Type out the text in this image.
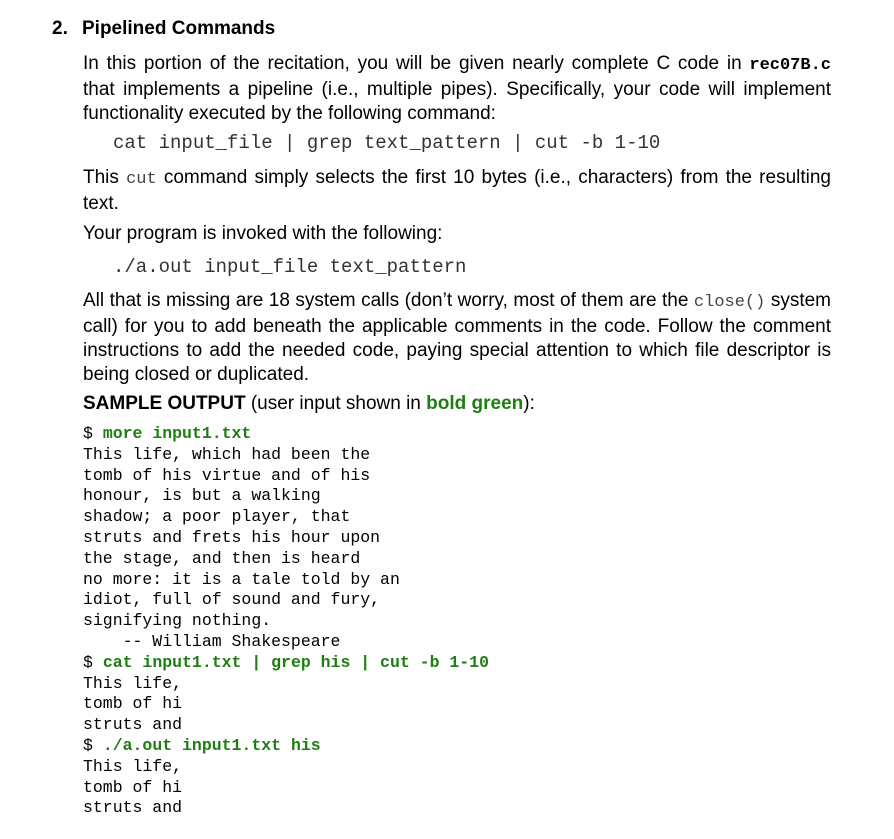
2. Pipelined Commands
In this portion of the recitation, you will be given nearly complete C code in rec07B.c that implements a pipeline (i.e., multiple pipes). Specifically, your code will implement functionality executed by the following command:
cat input_file | grep text_pattern | cut -b 1-10
This cut command simply selects the first 10 bytes (i.e., characters) from the resulting text.
Your program is invoked with the following:
./a.out input_file text_pattern
All that is missing are 18 system calls (don’t worry, most of them are the close() system call) for you to add beneath the applicable comments in the code. Follow the comment instructions to add the needed code, paying special attention to which file descriptor is being closed or duplicated.
SAMPLE OUTPUT (user input shown in bold green):
$ more input1.txt
This life, which had been the
tomb of his virtue and of his
honour, is but a walking
shadow; a poor player, that
struts and frets his hour upon
the stage, and then is heard
no more: it is a tale told by an
idiot, full of sound and fury,
signifying nothing.
-- William Shakespeare
$ cat input1.txt | grep his | cut -b 1-10
This life,
tomb of hi
struts and
$ ./a.out input1.txt his
This life,
tomb of hi
struts and
